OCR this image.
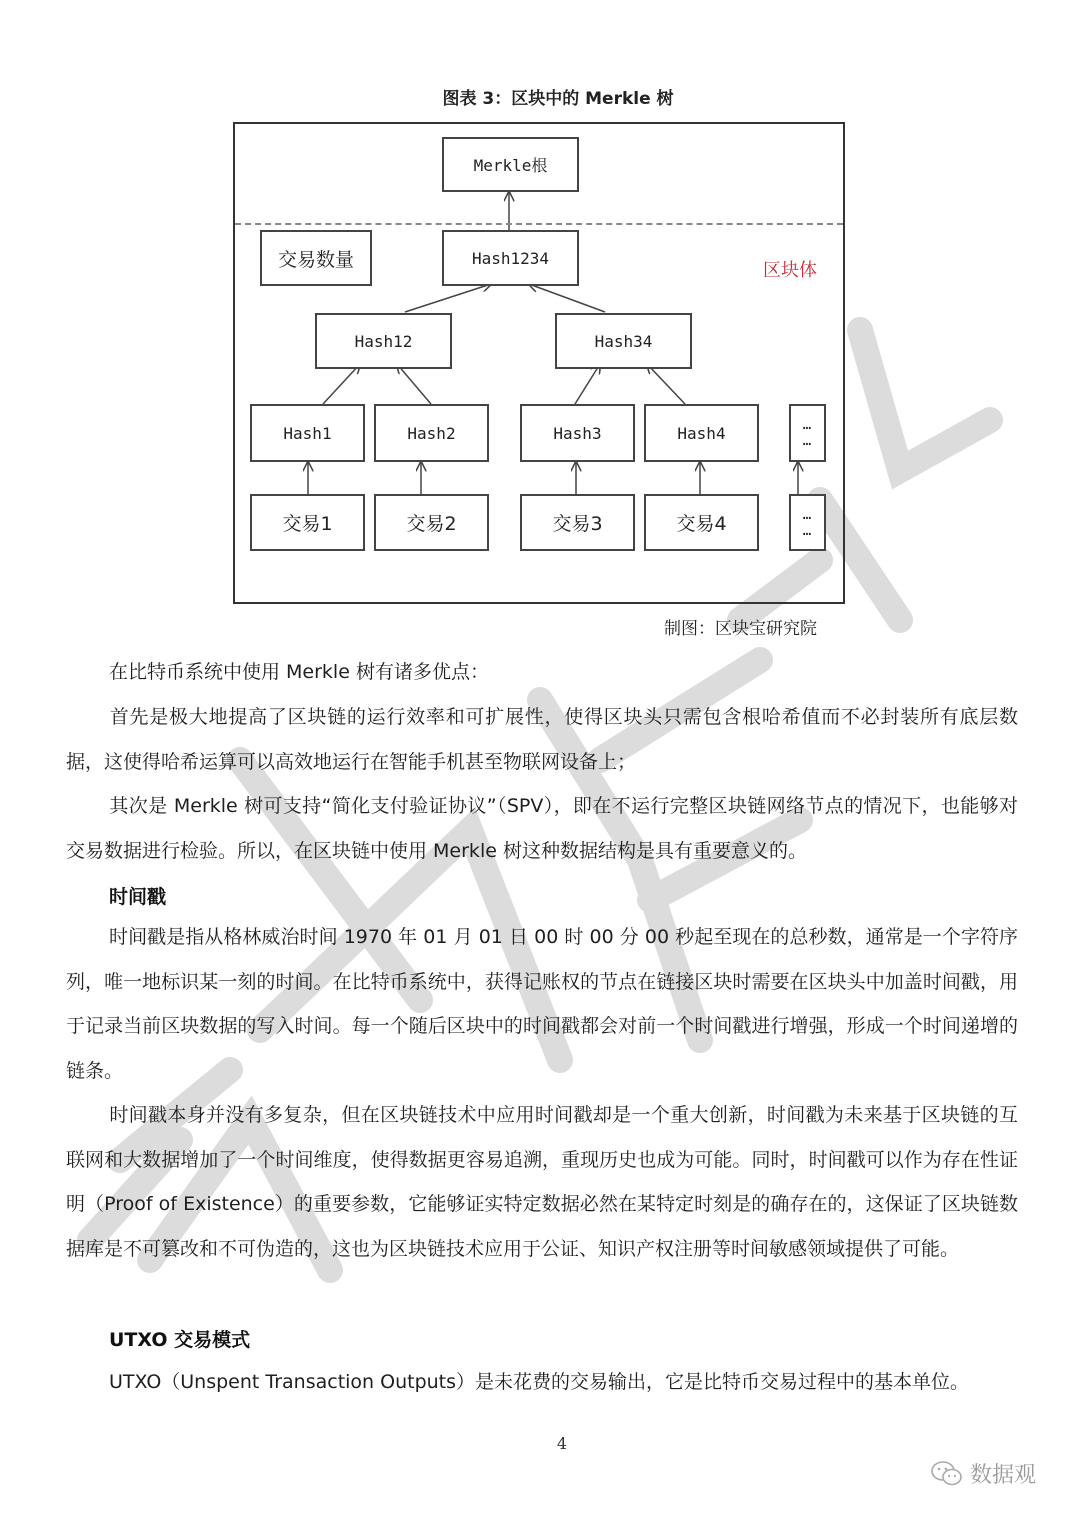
图表 3：区块中的 Merkle 树
Merkle根
交易数量	Hash1234
区块体
Hash12	Hash34
Hash1	Hash2	Hash3	Hash4	…
…
交易1	交易2	交易3	交易4	…
…
制图：区块宝研究院
在比特币系统中使用 Merkle 树有诸多优点：
首先是极大地提高了区块链的运行效率和可扩展性，使得区块头只需包含根哈希值而不必封装所有底层数据，这使得哈希运算可以高效地运行在智能手机甚至物联网设备上；
其次是 Merkle 树可支持“简化支付验证协议”（SPV），即在不运行完整区块链网络节点的情况下，也能够对交易数据进行检验。所以，在区块链中使用 Merkle 树这种数据结构是具有重要意义的。
时间戳
时间戳是指从格林威治时间 1970 年 01 月 01 日 00 时 00 分 00 秒起至现在的总秒数，通常是一个字符序列，唯一地标识某一刻的时间。在比特币系统中，获得记账权的节点在链接区块时需要在区块头中加盖时间戳，用于记录当前区块数据的写入时间。每一个随后区块中的时间戳都会对前一个时间戳进行增强，形成一个时间递增的链条。
时间戳本身并没有多复杂，但在区块链技术中应用时间戳却是一个重大创新，时间戳为未来基于区块链的互联网和大数据增加了一个时间维度，使得数据更容易追溯，重现历史也成为可能。同时，时间戳可以作为存在性证明（Proof of Existence）的重要参数，它能够证实特定数据必然在某特定时刻是的确存在的，这保证了区块链数据库是不可篡改和不可伪造的，这也为区块链技术应用于公证、知识产权注册等时间敏感领域提供了可能。
UTXO 交易模式
UTXO（Unspent Transaction Outputs）是未花费的交易输出，它是比特币交易过程中的基本单位。
4
数据观
